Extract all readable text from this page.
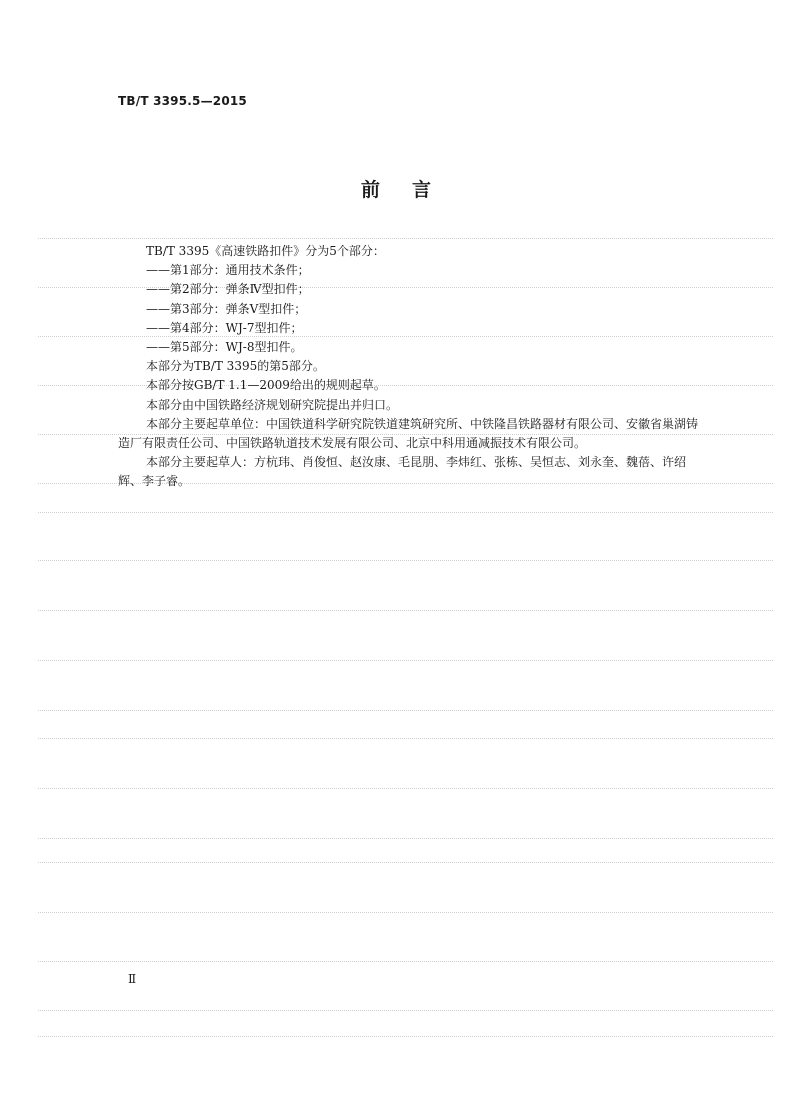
TB/T 3395.5—2015
前言
TB/T 3395《高速铁路扣件》分为5个部分：
——第1部分：通用技术条件；
——第2部分：弹条Ⅳ型扣件；
——第3部分：弹条Ⅴ型扣件；
——第4部分：WJ-7型扣件；
——第5部分：WJ-8型扣件。
本部分为TB/T 3395的第5部分。
本部分按GB/T 1.1—2009给出的规则起草。
本部分由中国铁路经济规划研究院提出并归口。
本部分主要起草单位：中国铁道科学研究院铁道建筑研究所、中铁隆昌铁路器材有限公司、安徽省巢湖铸造厂有限责任公司、中国铁路轨道技术发展有限公司、北京中科用通减振技术有限公司。
本部分主要起草人：方杭玮、肖俊恒、赵汝康、毛昆朋、李炜红、张栋、吴恒志、刘永奎、魏蓓、许绍辉、李子睿。
Ⅱ
